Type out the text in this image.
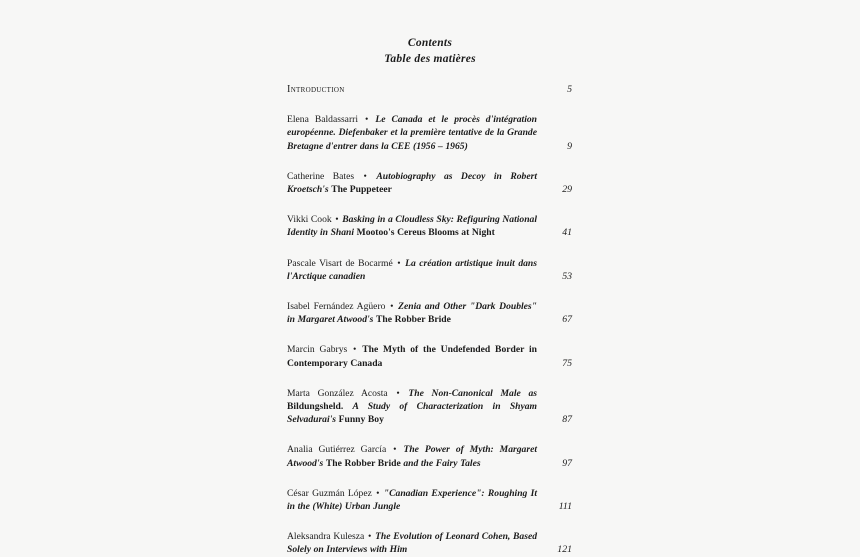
Contents
Table des matières
Introduction	5
Elena Baldassarri • Le Canada et le procès d'intégration européenne. Diefenbaker et la première tentative de la Grande Bretagne d'entrer dans la CEE (1956 – 1965)	9
Catherine Bates • Autobiography as Decoy in Robert Kroetsch's The Puppeteer	29
Vikki Cook • Basking in a Cloudless Sky: Refiguring National Identity in Shani Mootoo's Cereus Blooms at Night	41
Pascale Visart de Bocarmé • La création artistique inuit dans l'Arctique canadien	53
Isabel Fernández Agüero • Zenia and Other "Dark Doubles" in Margaret Atwood's The Robber Bride	67
Marcin Gabrys • The Myth of the Undefended Border in Contemporary Canada	75
Marta González Acosta • The Non-Canonical Male as Bildungsheld. A Study of Characterization in Shyam Selvadurai's Funny Boy	87
Analia Gutiérrez García • The Power of Myth: Margaret Atwood's The Robber Bride and the Fairy Tales	97
César Guzmán López • "Canadian Experience": Roughing It in the (White) Urban Jungle	111
Aleksandra Kulesza • The Evolution of Leonard Cohen, Based Solely on Interviews with Him	121
